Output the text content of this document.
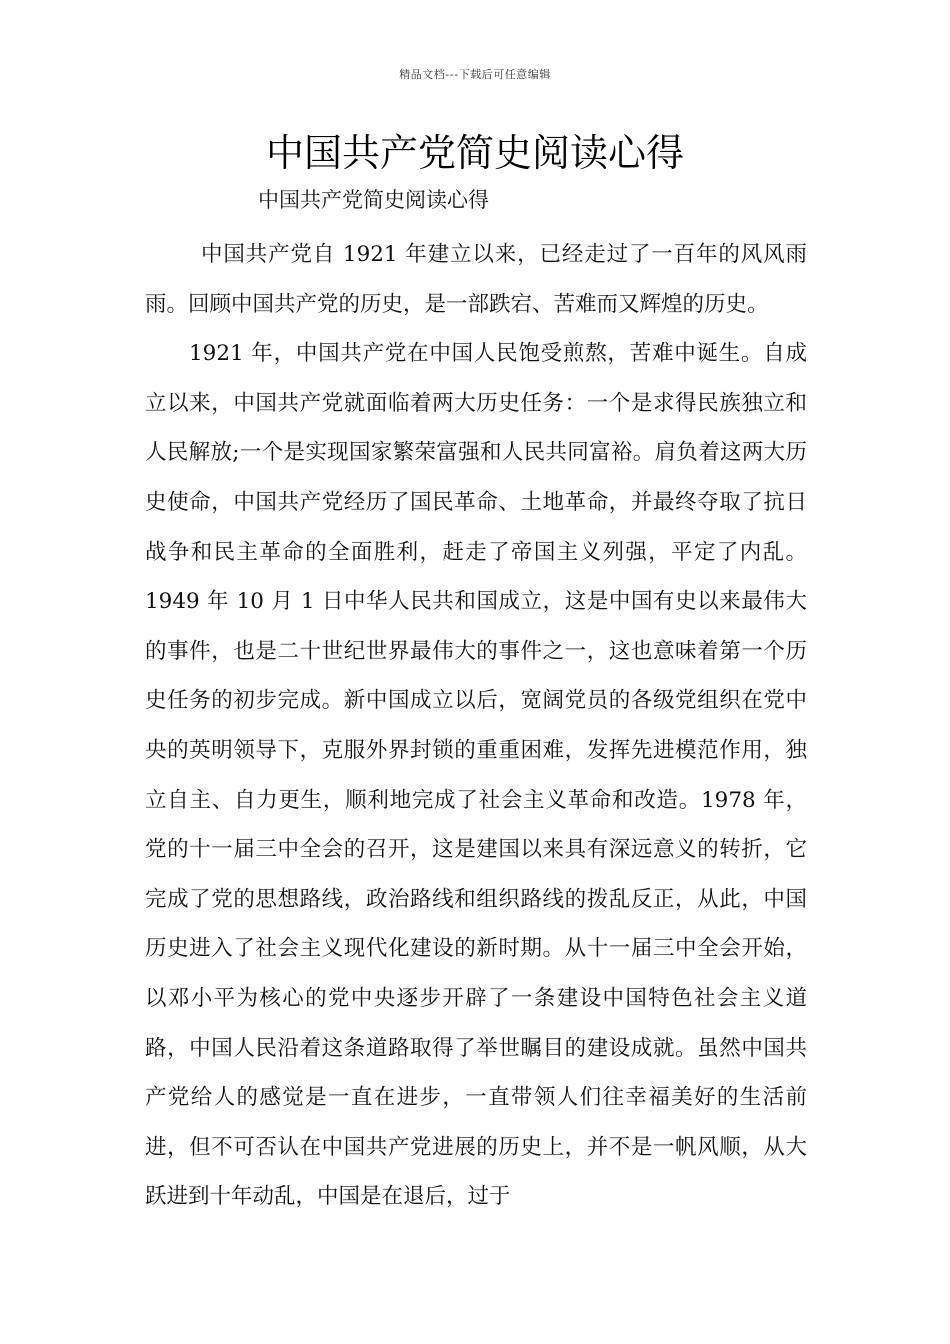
精品文档---下载后可任意编辑
中国共产党简史阅读心得
中国共产党简史阅读心得

中国共产党自 1921 年建立以来，已经走过了一百年的风风雨雨。回顾中国共产党的历史，是一部跌宕、苦难而又辉煌的历史。

1921 年，中国共产党在中国人民饱受煎熬，苦难中诞生。自成立以来，中国共产党就面临着两大历史任务：一个是求得民族独立和人民解放;一个是实现国家繁荣富强和人民共同富裕。肩负着这两大历史使命，中国共产党经历了国民革命、土地革命，并最终夺取了抗日战争和民主革命的全面胜利，赶走了帝国主义列强，平定了内乱。1949 年 10 月 1 日中华人民共和国成立，这是中国有史以来最伟大的事件，也是二十世纪世界最伟大的事件之一，这也意味着第一个历史任务的初步完成。新中国成立以后，宽阔党员的各级党组织在党中央的英明领导下，克服外界封锁的重重困难，发挥先进模范作用，独立自主、自力更生，顺利地完成了社会主义革命和改造。1978 年，党的十一届三中全会的召开，这是建国以来具有深远意义的转折，它完成了党的思想路线，政治路线和组织路线的拨乱反正，从此，中国历史进入了社会主义现代化建设的新时期。从十一届三中全会开始，以邓小平为核心的党中央逐步开辟了一条建设中国特色社会主义道路，中国人民沿着这条道路取得了举世瞩目的建设成就。虽然中国共产党给人的感觉是一直在进步，一直带领人们往幸福美好的生活前进，但不可否认在中国共产党进展的历史上，并不是一帆风顺，从大跃进到十年动乱，中国是在退后，过于
